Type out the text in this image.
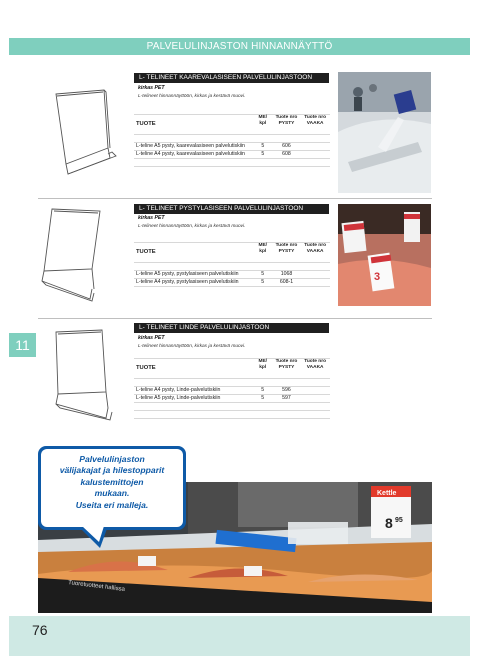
PALVELULINJASTON HINNANNÄYTTÖ
11
L- TELINEET KAAREVALASISEEN PALVELULINJASTOON
kirkas PET
L-telineet hinnannäyttöön, kirkas ja kestävä muovi.
TUOTE	ME/
kpl	Tuote nro
PYSTY	Tuote nro
VAAKA

L-teline A5 pysty, kaarevalasiseen palvelutiskiin	5	606	
L-teline A4 pysty, kaarevalasiseen palvelutiskiin	5	608	

L- TELINEET PYSTYLASISEEN PALVELULINJASTOON
kirkas PET
L-telineet hinnannäyttöön, kirkas ja kestävä muovi.
TUOTE	ME/
kpl	Tuote nro
PYSTY	Tuote nro
VAAKA

L-teline A5 pysty, pystylasiseen palvelutiskiin	5	1068	
L-teline A4 pysty, pystylasiseen palvelutiskiin	5	608-1	
				3
L- TELINEET LINDE PALVELULINJASTOON
kirkas PET
L-telineet hinnannäyttöön, kirkas ja kestävä muovi.
TUOTE	ME/
kpl	Tuote nro
PYSTY	Tuote nro
VAAKA

L-teline A4 pysty, Linde-palvelutiskiin	5	596	
L-teline A5 pysty, Linde-palvelutiskiin	5	597	

Tuoretuotteet hallissa
Kettle
8 95
Palvelulinjaston
välijakajat ja hilestopparit
kalustemittojen
mukaan.
Useita eri malleja.
76
